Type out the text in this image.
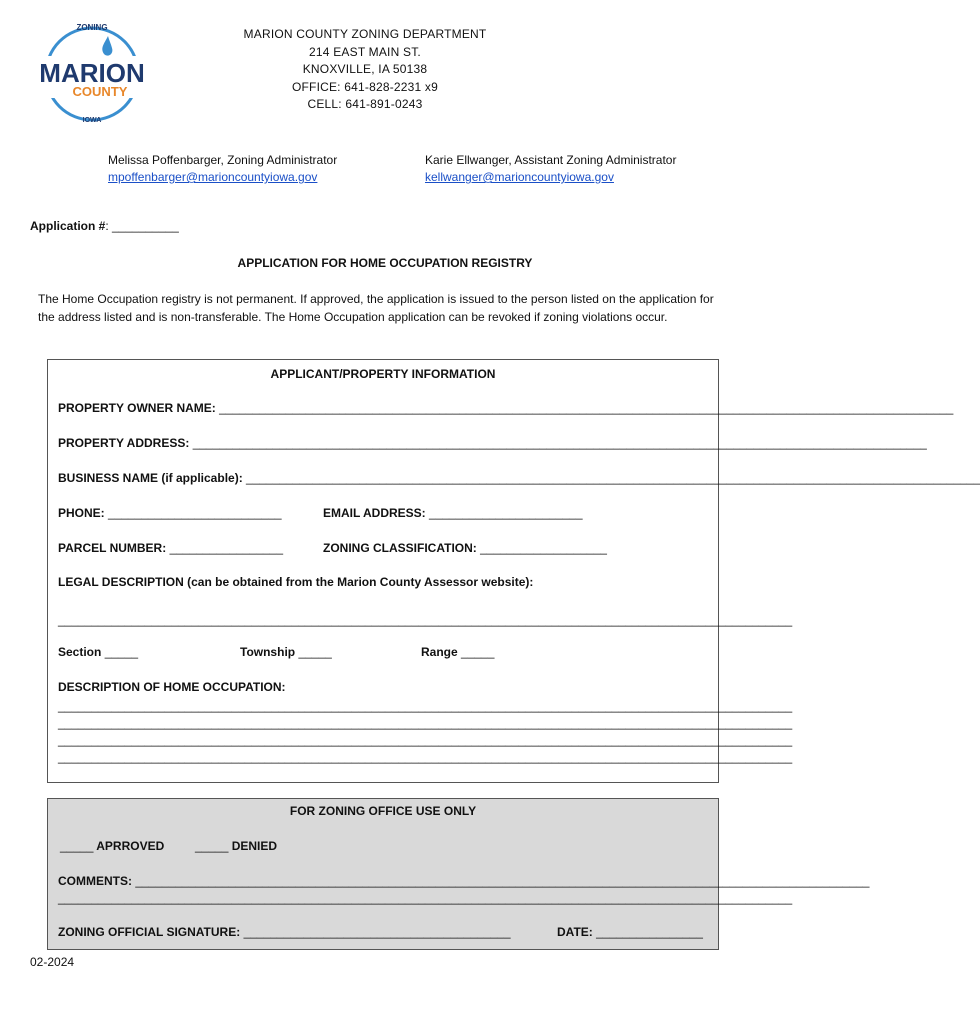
ZONING
MARION
COUNTY
IOWA
MARION COUNTY ZONING DEPARTMENT
214 EAST MAIN ST.
KNOXVILLE, IA 50138
OFFICE: 641-828-2231 x9
CELL: 641-891-0243
Melissa Poffenbarger, Zoning Administrator
mpoffenbarger@marioncountyiowa.gov
Karie Ellwanger, Assistant Zoning Administrator
kellwanger@marioncountyiowa.gov
Application #: __________
APPLICATION FOR HOME OCCUPATION REGISTRY
The Home Occupation registry is not permanent. If approved, the application is issued to the person listed on the application for the address listed and is non-transferable. The Home Occupation application can be revoked if zoning violations occur.
APPLICANT/PROPERTY INFORMATION
PROPERTY OWNER NAME: ______________________________________________________________________________________________________________
PROPERTY ADDRESS: ______________________________________________________________________________________________________________
BUSINESS NAME (if applicable): ______________________________________________________________________________________________________________
PHONE: __________________________	EMAIL ADDRESS: _______________________
PARCEL NUMBER: _________________	ZONING CLASSIFICATION: ___________________
LEGAL DESCRIPTION (can be obtained from the Marion County Assessor website):
______________________________________________________________________________________________________________
Section _____	Township _____	Range _____
DESCRIPTION OF HOME OCCUPATION:
______________________________________________________________________________________________________________
______________________________________________________________________________________________________________
______________________________________________________________________________________________________________
______________________________________________________________________________________________________________
FOR ZONING OFFICE USE ONLY
_____ APRROVED	_____ DENIED
COMMENTS: ______________________________________________________________________________________________________________
______________________________________________________________________________________________________________
ZONING OFFICIAL SIGNATURE: ________________________________________	DATE: ________________
02-2024
